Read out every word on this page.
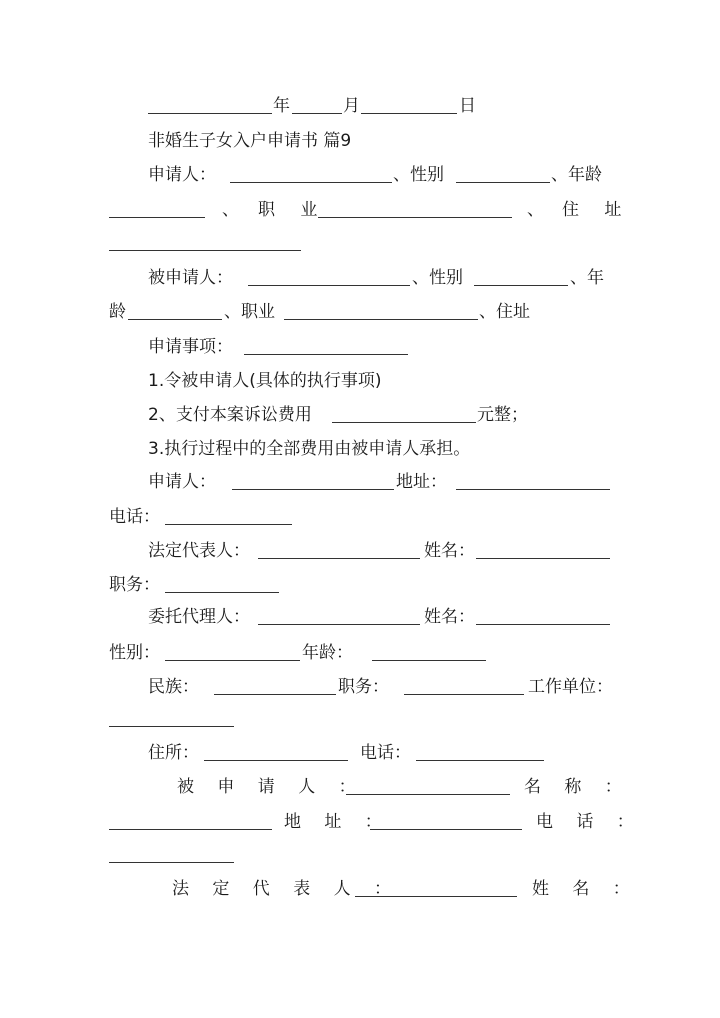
年	月	日
非婚生子女入户申请书 篇9
申请人：	、性别	、年龄
、 职 业	、 住 址
被申请人：	、性别	、年
龄	、职业	、住址
申请事项：
1.令被申请人(具体的执行事项)
2、支付本案诉讼费用	元整；
3.执行过程中的全部费用由被申请人承担。
申请人：	地址：
电话：
法定代表人：	姓名：
职务：
委托代理人：	姓名：
性别：	年龄：
民族：	职务：	工作单位：
住所：	电话：
被 申 请 人 ：	名 称 ：
地 址 ：	电 话 ：
法 定 代 表 人 ：	姓 名 ：
